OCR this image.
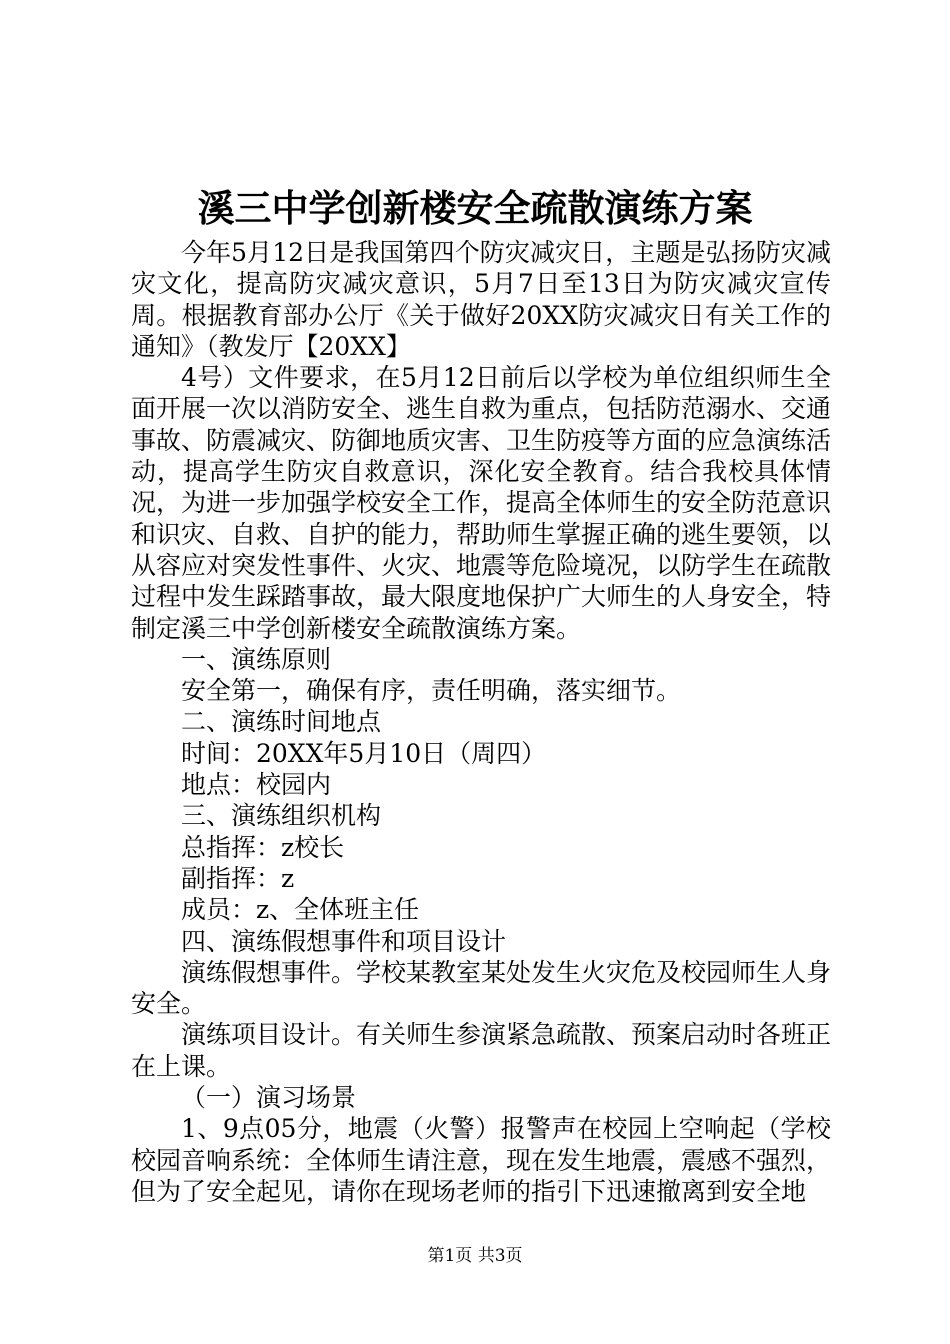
溪三中学创新楼安全疏散演练方案

今年5月12日是我国第四个防灾减灾日，主题是弘扬防灾减灾文化，提高防灾减灾意识，5月7日至13日为防灾减灾宣传周。根据教育部办公厅《关于做好20XX防灾减灾日有关工作的通知》（教发厅【20XX】

4号）文件要求，在5月12日前后以学校为单位组织师生全面开展一次以消防安全、逃生自救为重点，包括防范溺水、交通事故、防震减灾、防御地质灾害、卫生防疫等方面的应急演练活动，提高学生防灾自救意识，深化安全教育。结合我校具体情况，为进一步加强学校安全工作，提高全体师生的安全防范意识和识灾、自救、自护的能力，帮助师生掌握正确的逃生要领，以从容应对突发性事件、火灾、地震等危险境况，以防学生在疏散过程中发生踩踏事故，最大限度地保护广大师生的人身安全，特制定溪三中学创新楼安全疏散演练方案。

一、演练原则

安全第一，确保有序，责任明确，落实细节。

二、演练时间地点

时间：20XX年5月10日（周四）

地点：校园内

三、演练组织机构

总指挥：z校长

副指挥：z

成员：z、全体班主任

四、演练假想事件和项目设计

演练假想事件。学校某教室某处发生火灾危及校园师生人身安全。

演练项目设计。有关师生参演紧急疏散、预案启动时各班正在上课。

（一）演习场景

1、9点05分，地震（火警）报警声在校园上空响起（学校校园音响系统：全体师生请注意，现在发生地震，震感不强烈，但为了安全起见，请你在现场老师的指引下迅速撤离到安全地

第1页 共3页
